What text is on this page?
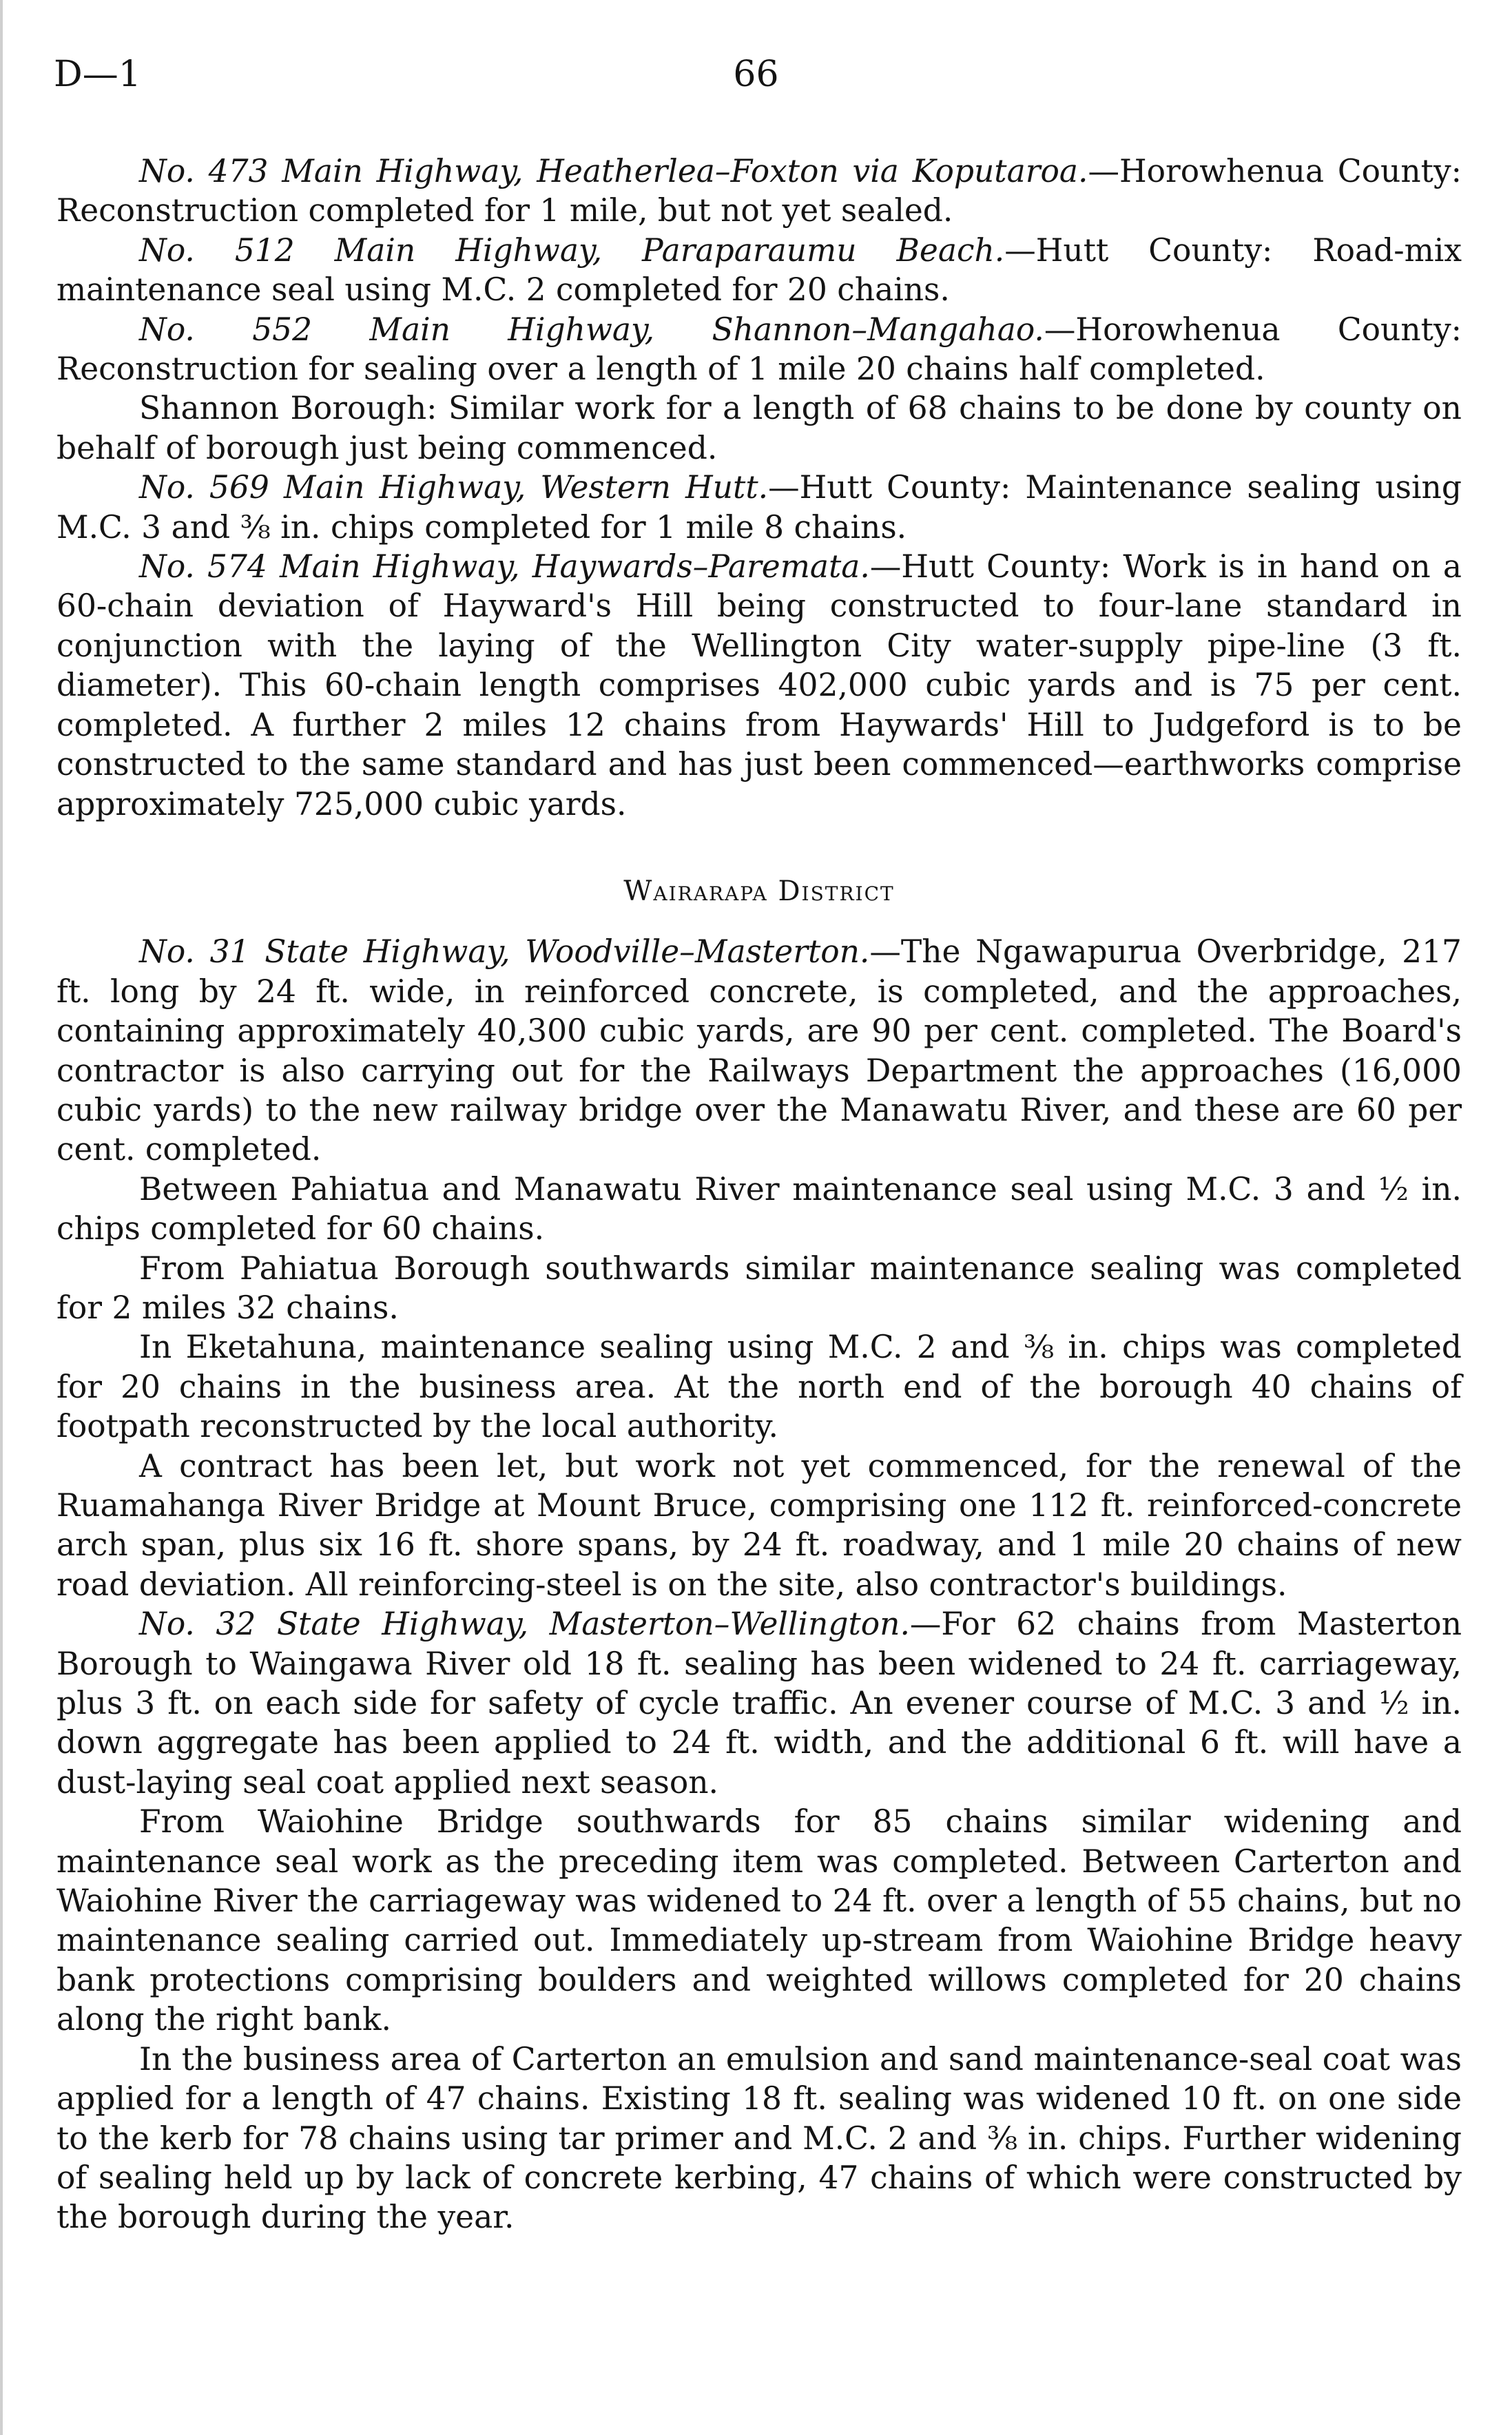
D—1	66

No. 473 Main Highway, Heatherlea–Foxton via Koputaroa.—Horowhenua County: Reconstruction completed for 1 mile, but not yet sealed.

No. 512 Main Highway, Paraparaumu Beach.—Hutt County: Road-mix maintenance seal using M.C. 2 completed for 20 chains.

No. 552 Main Highway, Shannon–Mangahao.—Horowhenua County: Reconstruction for sealing over a length of 1 mile 20 chains half completed.

Shannon Borough: Similar work for a length of 68 chains to be done by county on behalf of borough just being commenced.

No. 569 Main Highway, Western Hutt.—Hutt County: Maintenance sealing using M.C. 3 and ⅜ in. chips completed for 1 mile 8 chains.

No. 574 Main Highway, Haywards–Paremata.—Hutt County: Work is in hand on a 60-chain deviation of Hayward's Hill being constructed to four-lane standard in conjunction with the laying of the Wellington City water-supply pipe-line (3 ft. diameter). This 60-chain length comprises 402,000 cubic yards and is 75 per cent. completed. A further 2 miles 12 chains from Haywards' Hill to Judgeford is to be constructed to the same standard and has just been commenced—earthworks comprise approximately 725,000 cubic yards.

Wairarapa District

No. 31 State Highway, Woodville–Masterton.—The Ngawapurua Overbridge, 217 ft. long by 24 ft. wide, in reinforced concrete, is completed, and the approaches, containing approximately 40,300 cubic yards, are 90 per cent. completed. The Board's contractor is also carrying out for the Railways Department the approaches (16,000 cubic yards) to the new railway bridge over the Manawatu River, and these are 60 per cent. completed.

Between Pahiatua and Manawatu River maintenance seal using M.C. 3 and ½ in. chips completed for 60 chains.

From Pahiatua Borough southwards similar maintenance sealing was completed for 2 miles 32 chains.

In Eketahuna, maintenance sealing using M.C. 2 and ⅜ in. chips was completed for 20 chains in the business area. At the north end of the borough 40 chains of footpath reconstructed by the local authority.

A contract has been let, but work not yet commenced, for the renewal of the Ruamahanga River Bridge at Mount Bruce, comprising one 112 ft. reinforced-concrete arch span, plus six 16 ft. shore spans, by 24 ft. roadway, and 1 mile 20 chains of new road deviation. All reinforcing-steel is on the site, also contractor's buildings.

No. 32 State Highway, Masterton–Wellington.—For 62 chains from Masterton Borough to Waingawa River old 18 ft. sealing has been widened to 24 ft. carriageway, plus 3 ft. on each side for safety of cycle traffic. An evener course of M.C. 3 and ½ in. down aggregate has been applied to 24 ft. width, and the additional 6 ft. will have a dust-laying seal coat applied next season.

From Waiohine Bridge southwards for 85 chains similar widening and maintenance seal work as the preceding item was completed. Between Carterton and Waiohine River the carriageway was widened to 24 ft. over a length of 55 chains, but no maintenance sealing carried out. Immediately up-stream from Waiohine Bridge heavy bank protections comprising boulders and weighted willows completed for 20 chains along the right bank.

In the business area of Carterton an emulsion and sand maintenance-seal coat was applied for a length of 47 chains. Existing 18 ft. sealing was widened 10 ft. on one side to the kerb for 78 chains using tar primer and M.C. 2 and ⅜ in. chips. Further widening of sealing held up by lack of concrete kerbing, 47 chains of which were constructed by the borough during the year.
